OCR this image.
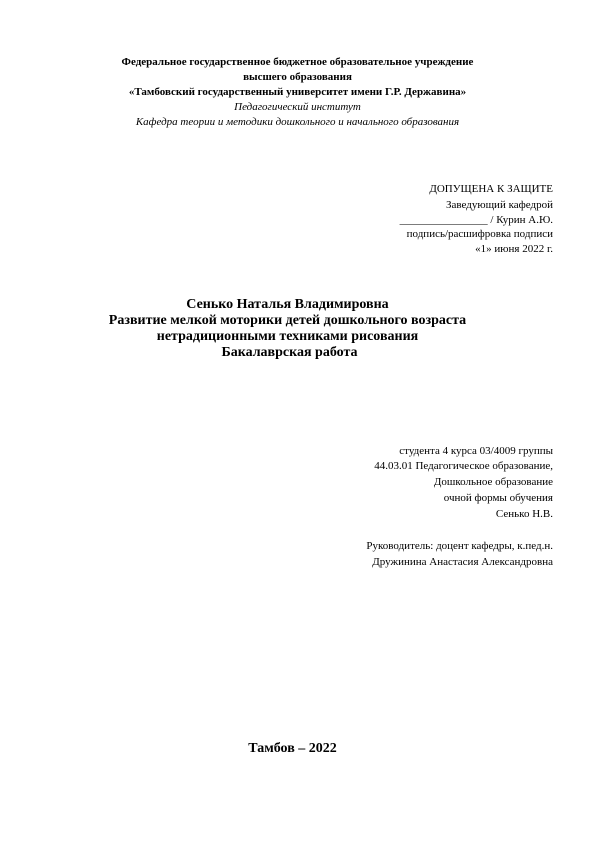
Федеральное государственное бюджетное образовательное учреждение
высшего образования
«Тамбовский государственный университет имени Г.Р. Державина»
Педагогический институт
Кафедра теории и методики дошкольного и начального образования
ДОПУЩЕНА К ЗАЩИТЕ
Заведующий кафедрой
________________ / Курин А.Ю.
подпись/расшифровка подписи
«1» июня 2022 г.
Сенько Наталья Владимировна
Развитие мелкой моторики детей дошкольного возраста
нетрадиционными техниками рисования
Бакалаврская работа
студента 4 курса 03/4009 группы
44.03.01 Педагогическое образование,
Дошкольное образование
очной формы обучения
Сенько Н.В.
Руководитель: доцент кафедры, к.пед.н.
Дружинина Анастасия Александровна
Тамбов – 2022
